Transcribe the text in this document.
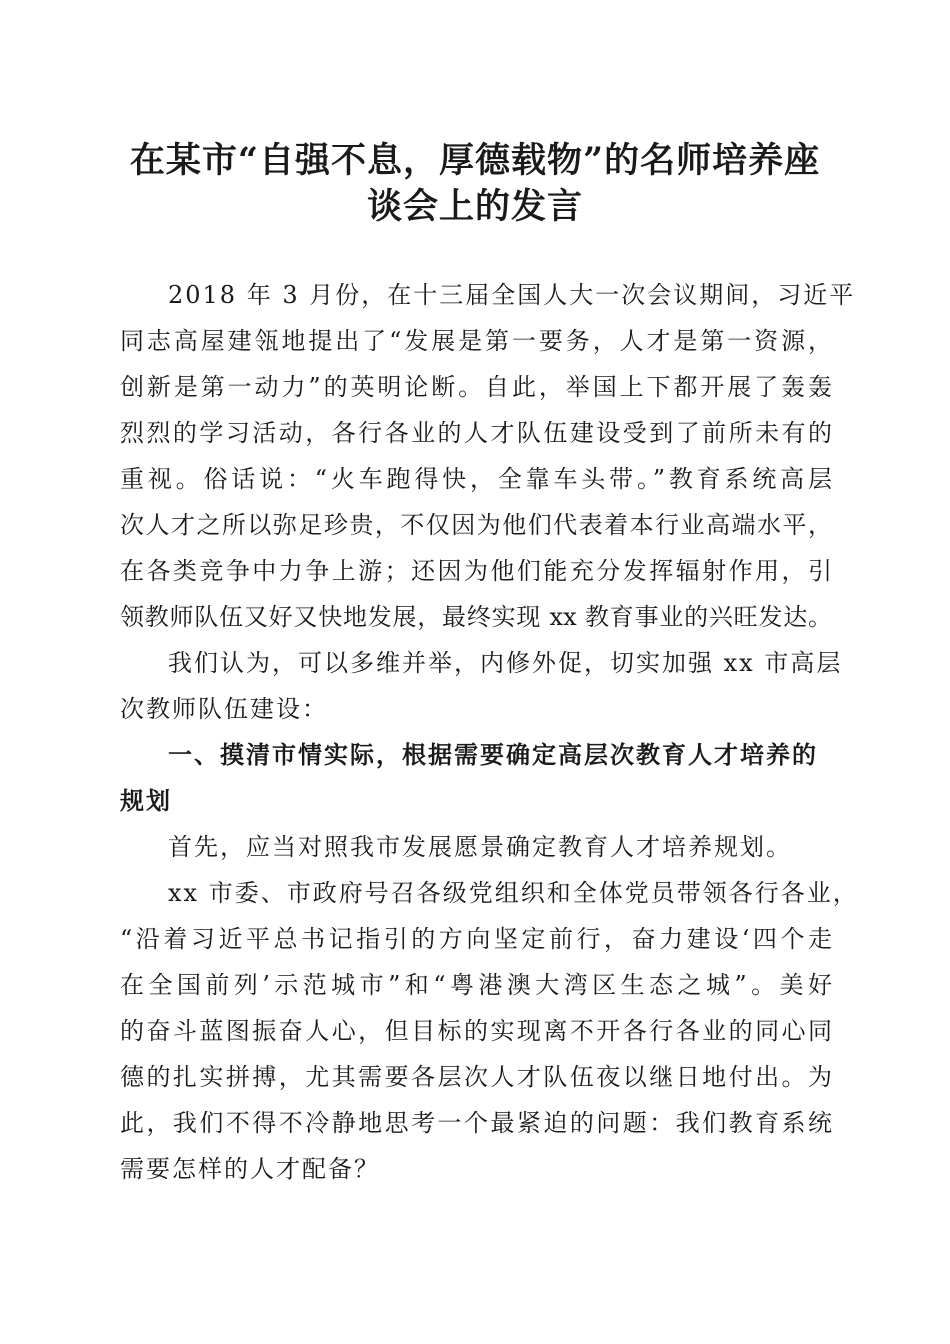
在某市“自强不息，厚德载物”的名师培养座
谈会上的发言

2018 年 3 月份，在十三届全国人大一次会议期间，习近平

同志高屋建瓴地提出了“发展是第一要务，人才是第一资源，

创新是第一动力”的英明论断。自此，举国上下都开展了轰轰

烈烈的学习活动，各行各业的人才队伍建设受到了前所未有的

重视。俗话说：“火车跑得快，全靠车头带。”教育系统高层

次人才之所以弥足珍贵，不仅因为他们代表着本行业高端水平，

在各类竞争中力争上游；还因为他们能充分发挥辐射作用，引

领教师队伍又好又快地发展，最终实现 xx 教育事业的兴旺发达。

我们认为，可以多维并举，内修外促，切实加强 xx 市高层

次教师队伍建设：

一、摸清市情实际，根据需要确定高层次教育人才培养的

规划

首先，应当对照我市发展愿景确定教育人才培养规划。

xx 市委、市政府号召各级党组织和全体党员带领各行各业，

“沿着习近平总书记指引的方向坚定前行，奋力建设‘四个走

在全国前列’示范城市”和“粤港澳大湾区生态之城”。美好

的奋斗蓝图振奋人心，但目标的实现离不开各行各业的同心同

德的扎实拼搏，尤其需要各层次人才队伍夜以继日地付出。为

此，我们不得不冷静地思考一个最紧迫的问题：我们教育系统

需要怎样的人才配备？
